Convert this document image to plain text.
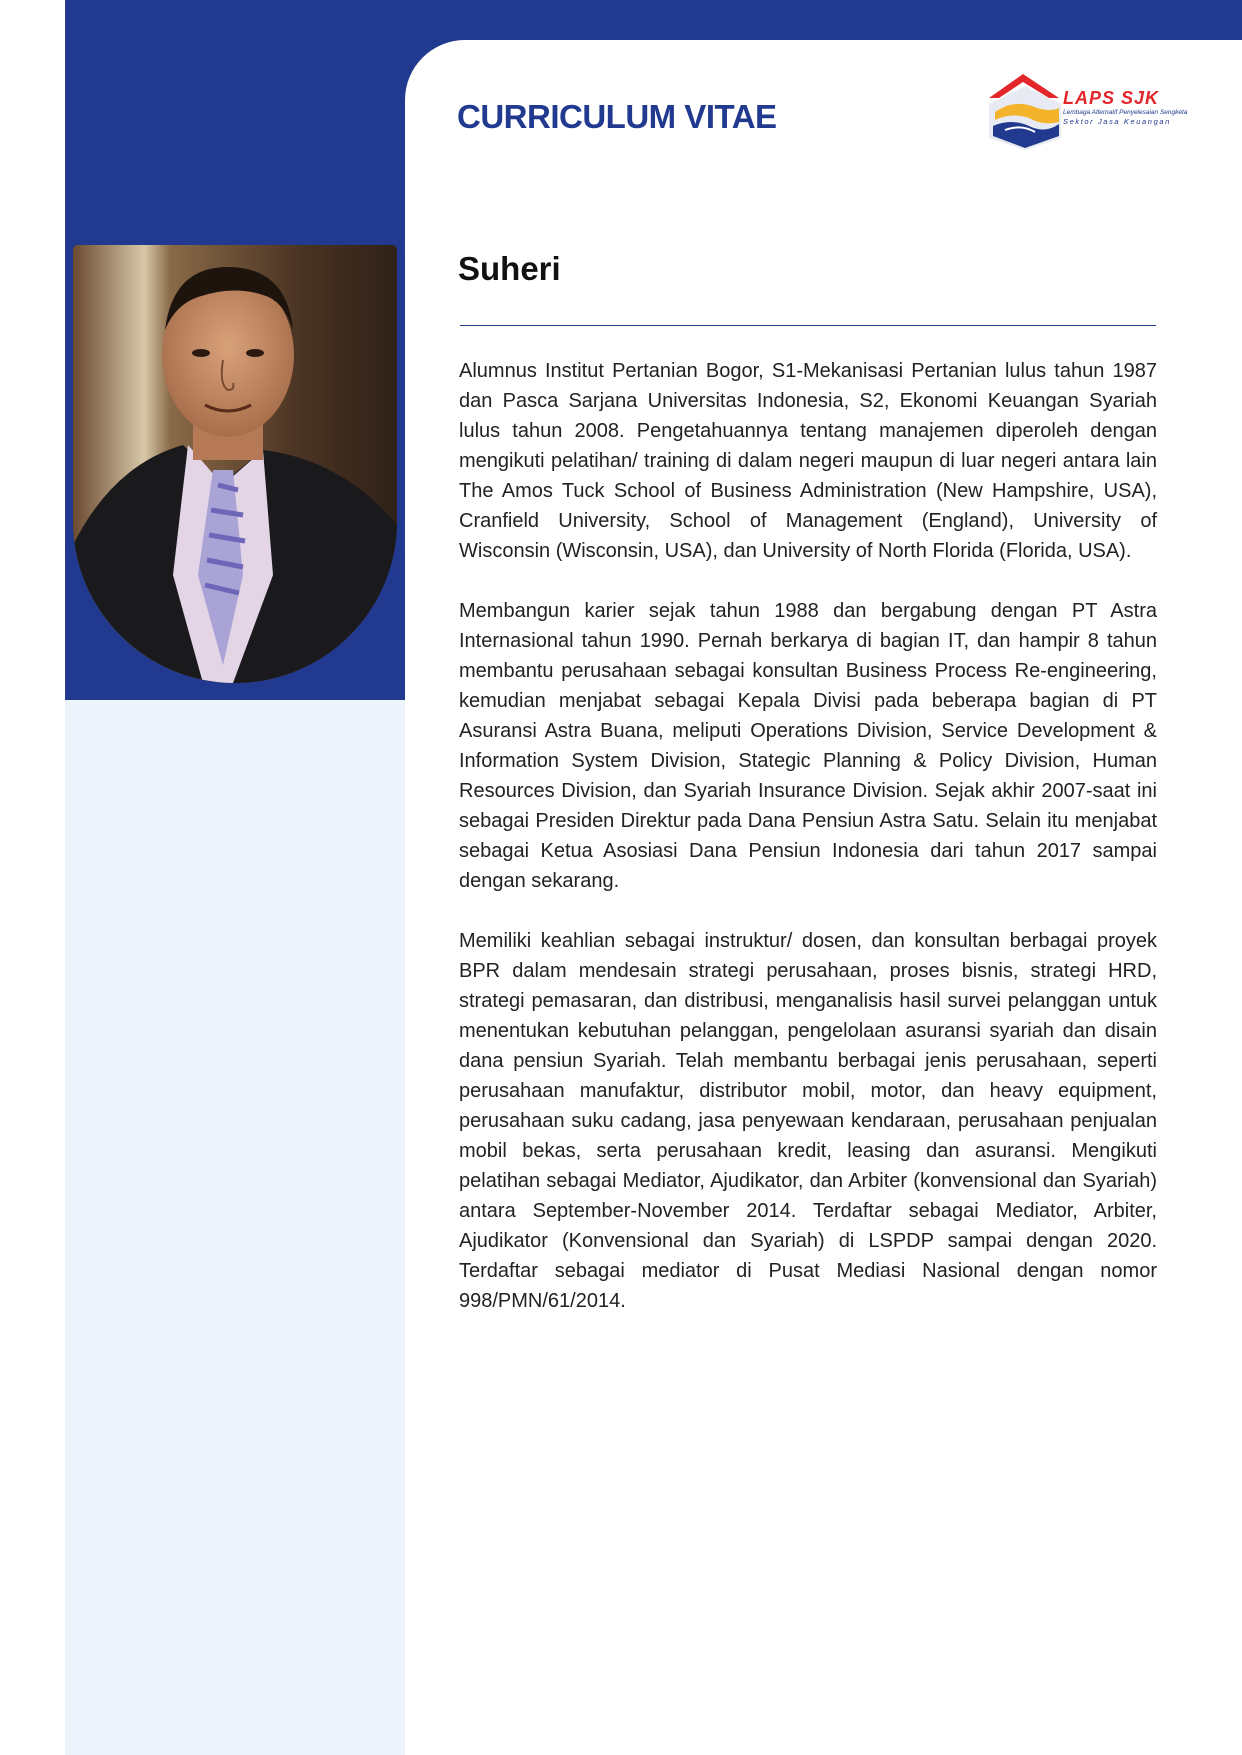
CURRICULUM VITAE	LAPS SJK
Lembaga Alternatif Penyelesaian Sengketa
Sektor Jasa Keuangan
Suheri

Alumnus Institut Pertanian Bogor, S1-Mekanisasi Pertanian lulus tahun 1987 dan Pasca Sarjana Universitas Indonesia, S2, Ekonomi Keuangan Syariah lulus tahun 2008. Pengetahuannya tentang manajemen diperoleh dengan mengikuti pelatihan/ training di dalam negeri maupun di luar negeri antara lain The Amos Tuck School of Business Administration (New Hampshire, USA), Cranfield University, School of Management (England), University of Wisconsin (Wisconsin, USA), dan University of North Florida (Florida, USA).

Membangun karier sejak tahun 1988 dan bergabung dengan PT Astra Internasional tahun 1990. Pernah berkarya di bagian IT, dan hampir 8 tahun membantu perusahaan sebagai konsultan Business Process Re-engineering, kemudian menjabat sebagai Kepala Divisi pada beberapa bagian di PT Asuransi Astra Buana, meliputi Operations Division, Service Development & Information System Division, Stategic Planning & Policy Division, Human Resources Division, dan Syariah Insurance Division. Sejak akhir 2007-saat ini sebagai Presiden Direktur pada Dana Pensiun Astra Satu. Selain itu menjabat sebagai Ketua Asosiasi Dana Pensiun Indonesia dari tahun 2017 sampai dengan sekarang.

Memiliki keahlian sebagai instruktur/ dosen, dan konsultan berbagai proyek BPR dalam mendesain strategi perusahaan, proses bisnis, strategi HRD, strategi pemasaran, dan distribusi, menganalisis hasil survei pelanggan untuk menentukan kebutuhan pelanggan, pengelolaan asuransi syariah dan disain dana pensiun Syariah. Telah membantu berbagai jenis perusahaan, seperti perusahaan manufaktur, distributor mobil, motor, dan heavy equipment, perusahaan suku cadang, jasa penyewaan kendaraan, perusahaan penjualan mobil bekas, serta perusahaan kredit, leasing dan asuransi. Mengikuti pelatihan sebagai Mediator, Ajudikator, dan Arbiter (konvensional dan Syariah) antara September-November 2014. Terdaftar sebagai Mediator, Arbiter, Ajudikator (Konvensional dan Syariah) di LSPDP sampai dengan 2020. Terdaftar sebagai mediator di Pusat Mediasi Nasional dengan nomor 998/PMN/61/2014.
